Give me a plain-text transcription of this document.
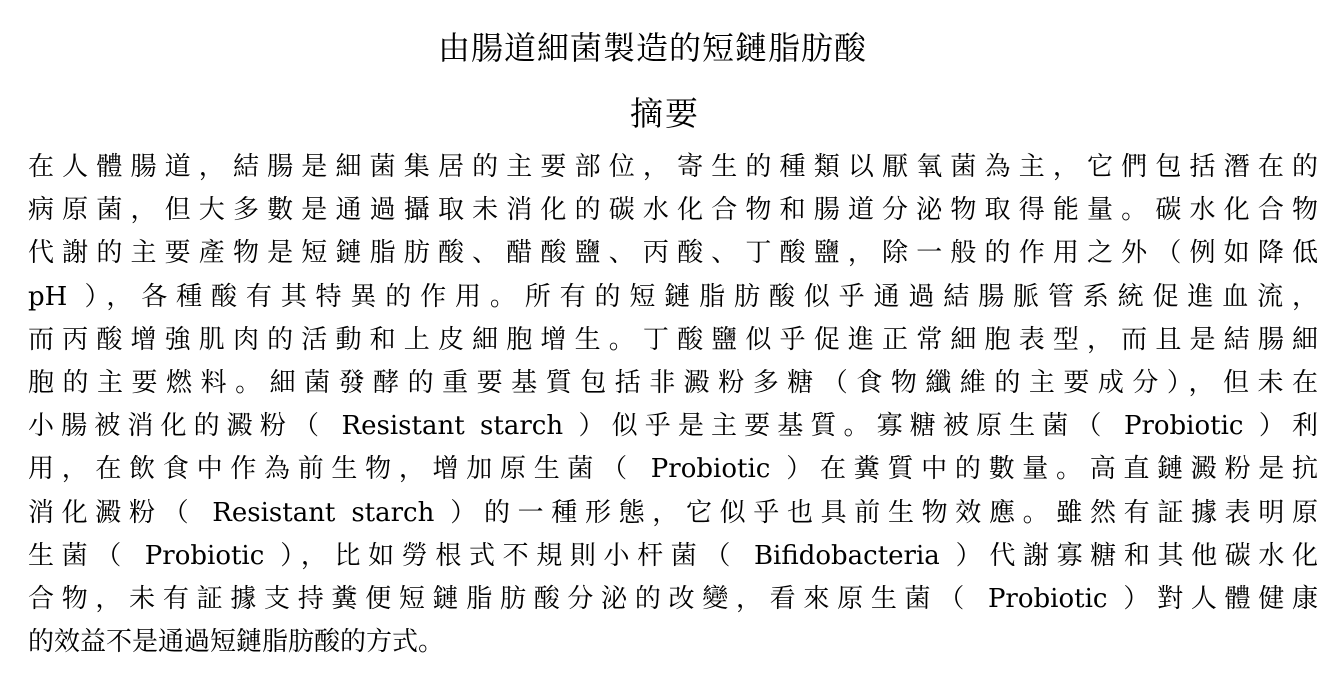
由腸道細菌製造的短鏈脂肪酸
摘要
在人體腸道，結腸是細菌集居的主要部位，寄生的種類以厭氧菌為主，它們包括潛在的
病原菌，但大多數是通過攝取未消化的碳水化合物和腸道分泌物取得能量。碳水化合物
代謝的主要產物是短鏈脂肪酸、醋酸鹽、丙酸、丁酸鹽，除一般的作用之外（例如降低
pH ），各種酸有其特異的作用。所有的短鏈脂肪酸似乎通過結腸脈管系統促進血流，
而丙酸增強肌肉的活動和上皮細胞增生。丁酸鹽似乎促進正常細胞表型，而且是結腸細
胞的主要燃料。細菌發酵的重要基質包括非澱粉多糖（食物纖維的主要成分），但未在
小腸被消化的澱粉（ Resistant starch ）似乎是主要基質。寡糖被原生菌（ Probiotic ）利
用，在飲食中作為前生物，增加原生菌（ Probiotic ）在糞質中的數量。高直鏈澱粉是抗
消化澱粉（ Resistant starch ）的一種形態，它似乎也具前生物效應。雖然有証據表明原
生菌（ Probiotic ），比如勞根式不規則小杆菌（ Bifidobacteria ）代謝寡糖和其他碳水化
合物，未有証據支持糞便短鏈脂肪酸分泌的改變，看來原生菌（ Probiotic ）對人體健康
的效益不是通過短鏈脂肪酸的方式。
